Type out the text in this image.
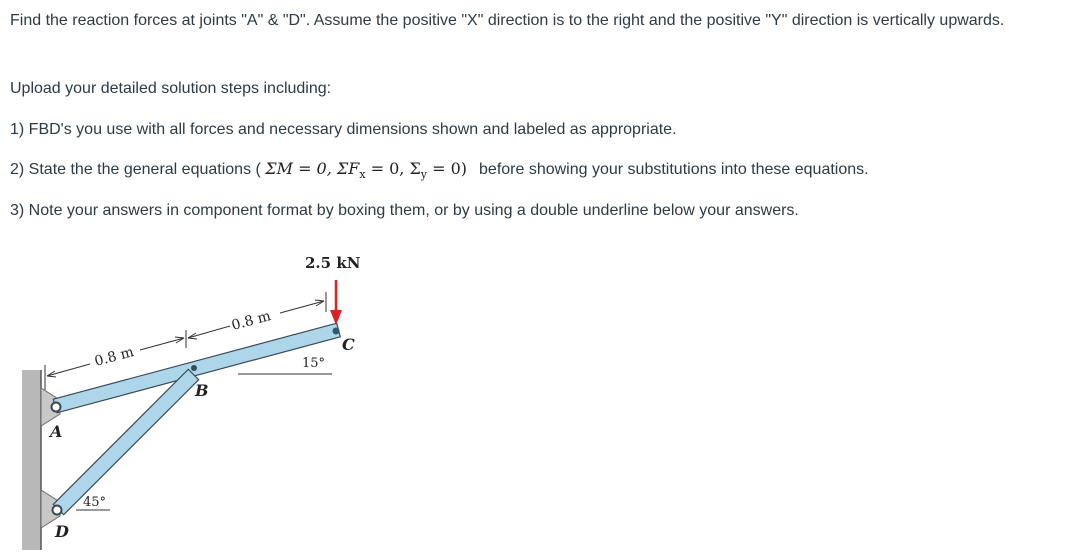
Find the reaction forces at joints "A" & "D". Assume the positive "X" direction is to the right and the positive "Y" direction is vertically upwards.

Upload your detailed solution steps including:

1) FBD's you use with all forces and necessary dimensions shown and labeled as appropriate.

2) State the the general equations ( ΣM = 0, $\Sigma F_x = 0$, $\Sigma_y = 0$) before showing your substitutions into these equations.

3) Note your answers in component format by boxing them, or by using a double underline below your answers.

0.8 m
0.8 m
2.5 kN
15°
45°
A
B
C
D
